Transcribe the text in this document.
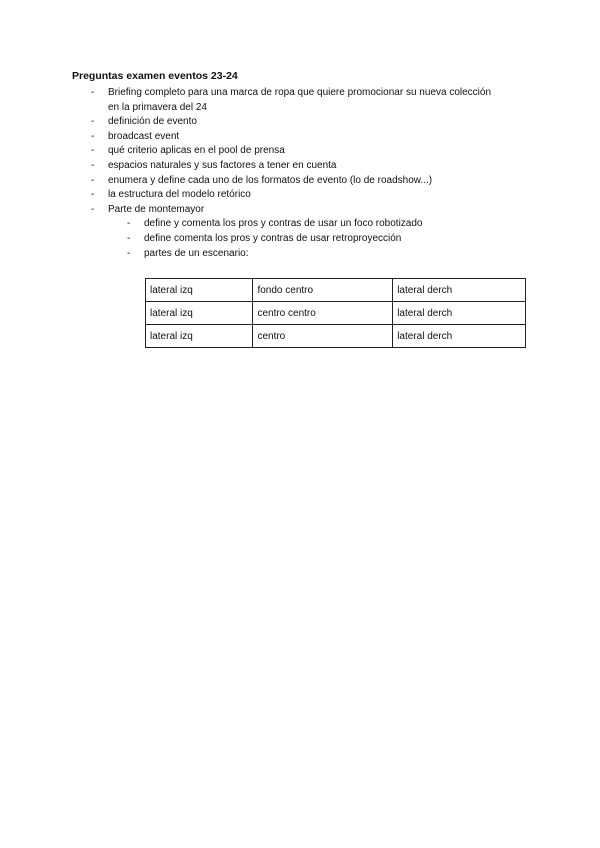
Preguntas examen eventos 23-24

- Briefing completo para una marca de ropa que quiere promocionar su nueva colección en la primavera del 24
- definición de evento
- broadcast event
- qué criterio aplicas en el pool de prensa
- espacios naturales y sus factores a tener en cuenta
- enumera y define cada uno de los formatos de evento (lo de roadshow...)
- la estructura del modelo retórico
- Parte de montemayor
- define y comenta los pros y contras de usar un foco robotizado
- define comenta los pros y contras de usar retroproyección
- partes de un escenario:
lateral izq	fondo centro	lateral derch
lateral izq	centro centro	lateral derch
lateral izq	centro	lateral derch
